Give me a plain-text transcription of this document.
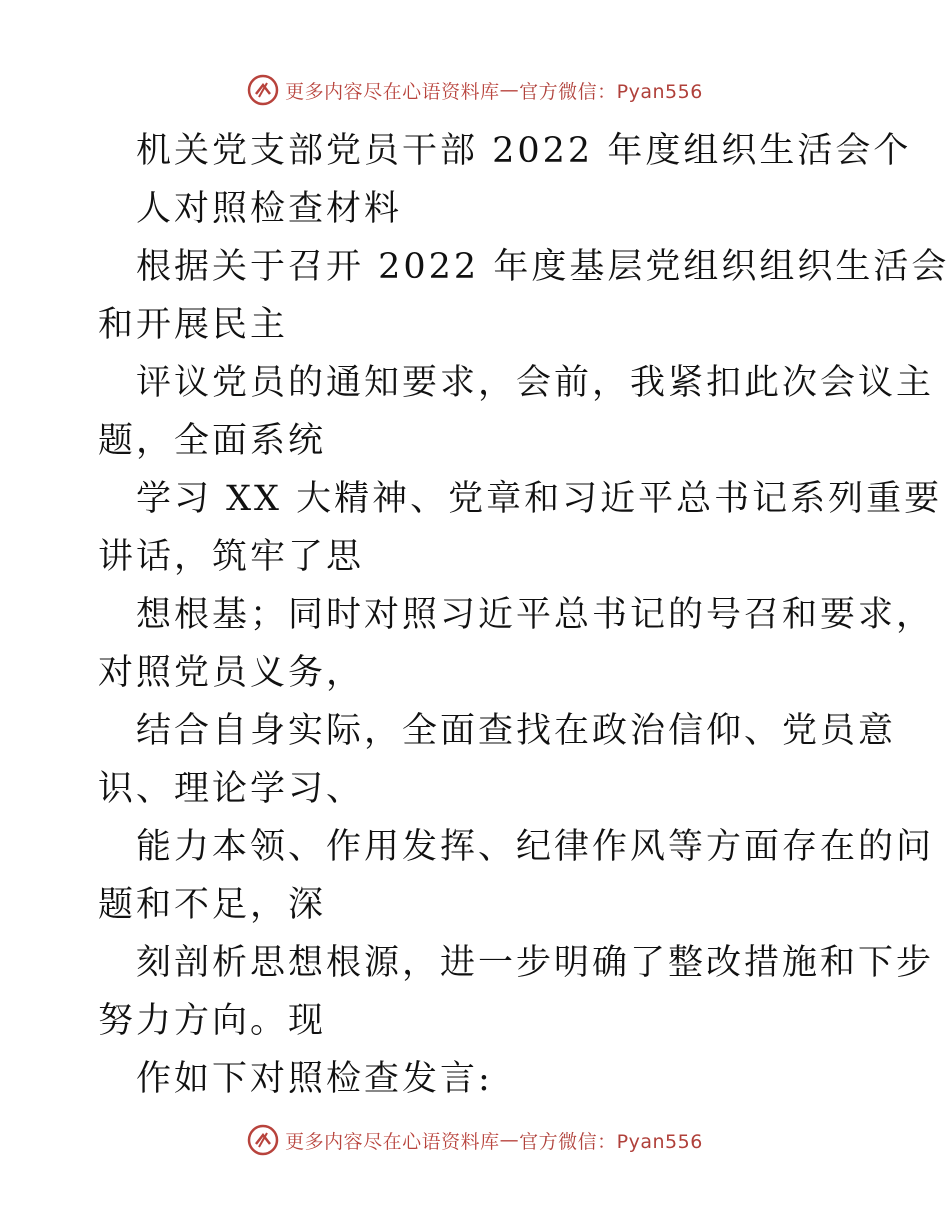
更多内容尽在心语资料库 — 官方微信：Pyan556
机关党支部党员干部 2022 年度组织生活会个
人对照检查材料
根据关于召开 2022 年度基层党组织组织生活会
和开展民主
评议党员的通知要求，会前，我紧扣此次会议主
题，全面系统
学习 XX 大精神、党章和习近平总书记系列重要
讲话，筑牢了思
想根基；同时对照习近平总书记的号召和要求，
对照党员义务，
结合自身实际，全面查找在政治信仰、党员意
识、理论学习、
能力本领、作用发挥、纪律作风等方面存在的问
题和不足，深
刻剖析思想根源，进一步明确了整改措施和下步
努力方向。现
作如下对照检查发言:
更多内容尽在心语资料库 — 官方微信：Pyan556
